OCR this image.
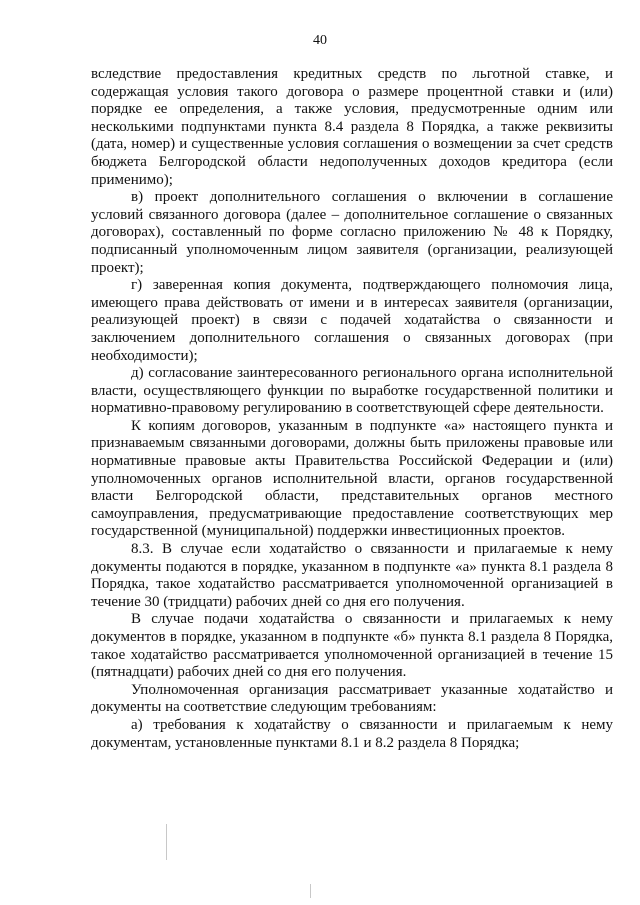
40

вследствие предоставления кредитных средств по льготной ставке, и содержащая условия такого договора о размере процентной ставки и (или) порядке ее определения, а также условия, предусмотренные одним или несколькими подпунктами пункта 8.4 раздела 8 Порядка, а также реквизиты (дата, номер) и существенные условия соглашения о возмещении за счет средств бюджета Белгородской области недополученных доходов кредитора (если применимо);

в) проект дополнительного соглашения о включении в соглашение условий связанного договора (далее – дополнительное соглашение о связанных договорах), составленный по форме согласно приложению № 48 к Порядку, подписанный уполномоченным лицом заявителя (организации, реализующей проект);

г) заверенная копия документа, подтверждающего полномочия лица, имеющего права действовать от имени и в интересах заявителя (организации, реализующей проект) в связи с подачей ходатайства о связанности и заключением дополнительного соглашения о связанных договорах (при необходимости);

д) согласование заинтересованного регионального органа исполнительной власти, осуществляющего функции по выработке государственной политики и нормативно-правовому регулированию в соответствующей сфере деятельности.

К копиям договоров, указанным в подпункте «а» настоящего пункта и признаваемым связанными договорами, должны быть приложены правовые или нормативные правовые акты Правительства Российской Федерации и (или) уполномоченных органов исполнительной власти, органов государственной власти Белгородской области, представительных органов местного самоуправления, предусматривающие предоставление соответствующих мер государственной (муниципальной) поддержки инвестиционных проектов.

8.3. В случае если ходатайство о связанности и прилагаемые к нему документы подаются в порядке, указанном в подпункте «а» пункта 8.1 раздела 8 Порядка, такое ходатайство рассматривается уполномоченной организацией в течение 30 (тридцати) рабочих дней со дня его получения.

В случае подачи ходатайства о связанности и прилагаемых к нему документов в порядке, указанном в подпункте «б» пункта 8.1 раздела 8 Порядка, такое ходатайство рассматривается уполномоченной организацией в течение 15 (пятнадцати) рабочих дней со дня его получения.

Уполномоченная организация рассматривает указанные ходатайство и документы на соответствие следующим требованиям:

а) требования к ходатайству о связанности и прилагаемым к нему документам, установленные пунктами 8.1 и 8.2 раздела 8 Порядка;
